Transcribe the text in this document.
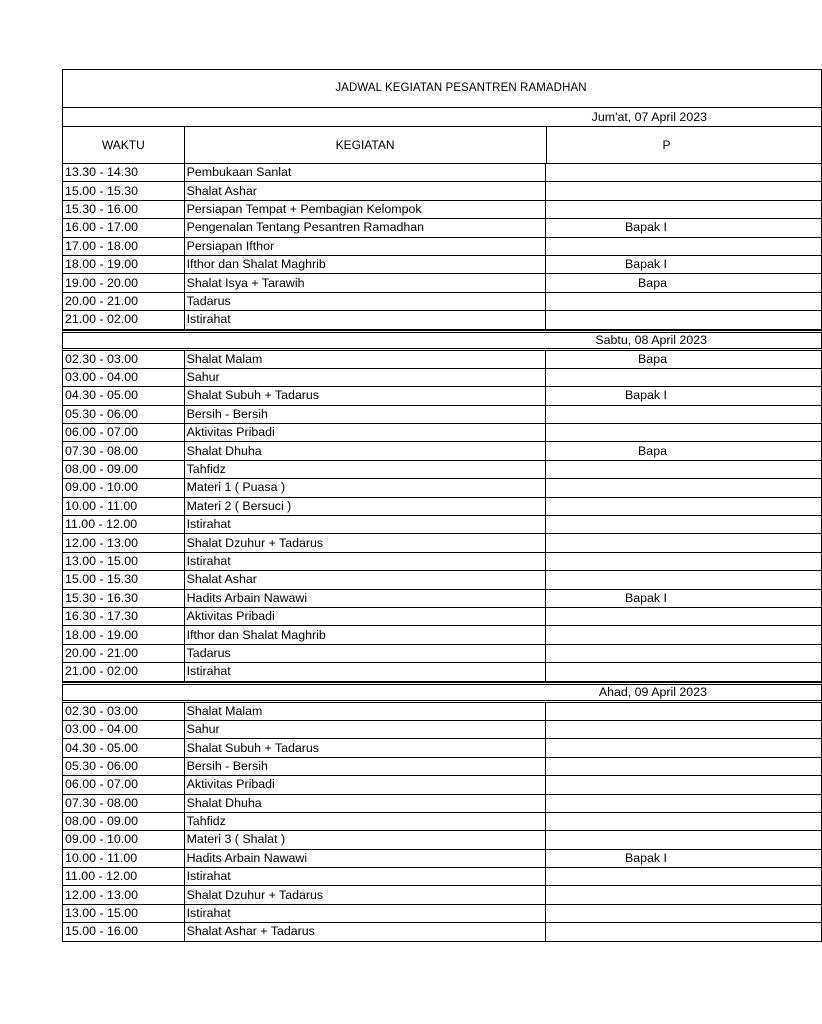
JADWAL KEGIATAN PESANTREN RAMADHAN
Jum'at, 07 April 2023
WAKTU	KEGIATAN	P
13.30 - 14.30	Pembukaan Sanlat
15.00 - 15.30	Shalat Ashar
15.30 - 16.00	Persiapan Tempat + Pembagian Kelompok
16.00 - 17.00	Pengenalan Tentang Pesantren Ramadhan	Bapak I
17.00 - 18.00	Persiapan Ifthor
18.00 - 19.00	Ifthor dan Shalat Maghrib	Bapak I
19.00 - 20.00	Shalat Isya + Tarawih	Bapa
20.00 - 21.00	Tadarus
21.00 - 02.00	Istirahat
Sabtu, 08 April 2023
02.30 - 03.00	Shalat Malam	Bapa
03.00 - 04.00	Sahur
04.30 - 05.00	Shalat Subuh + Tadarus	Bapak I
05.30 - 06.00	Bersih - Bersih
06.00 - 07.00	Aktivitas Pribadi
07.30 - 08.00	Shalat Dhuha	Bapa
08.00 - 09.00	Tahfidz
09.00 - 10.00	Materi 1 ( Puasa )
10.00 - 11.00	Materi 2 ( Bersuci )
11.00 - 12.00	Istirahat
12.00 - 13.00	Shalat Dzuhur + Tadarus
13.00 - 15.00	Istirahat
15.00 - 15.30	Shalat Ashar
15.30 - 16.30	Hadits Arbain Nawawi	Bapak I
16.30 - 17.30	Aktivitas Pribadi
18.00 - 19.00	Ifthor dan Shalat Maghrib
20.00 - 21.00	Tadarus
21.00 - 02.00	Istirahat
Ahad, 09 April 2023
02.30 - 03.00	Shalat Malam
03.00 - 04.00	Sahur
04.30 - 05.00	Shalat Subuh + Tadarus
05.30 - 06.00	Bersih - Bersih
06.00 - 07.00	Aktivitas Pribadi
07.30 - 08.00	Shalat Dhuha
08.00 - 09.00	Tahfidz
09.00 - 10.00	Materi 3 ( Shalat )
10.00 - 11.00	Hadits Arbain Nawawi	Bapak I
11.00 - 12.00	Istirahat
12.00 - 13.00	Shalat Dzuhur + Tadarus
13.00 - 15.00	Istirahat
15.00 - 16.00	Shalat Ashar + Tadarus
